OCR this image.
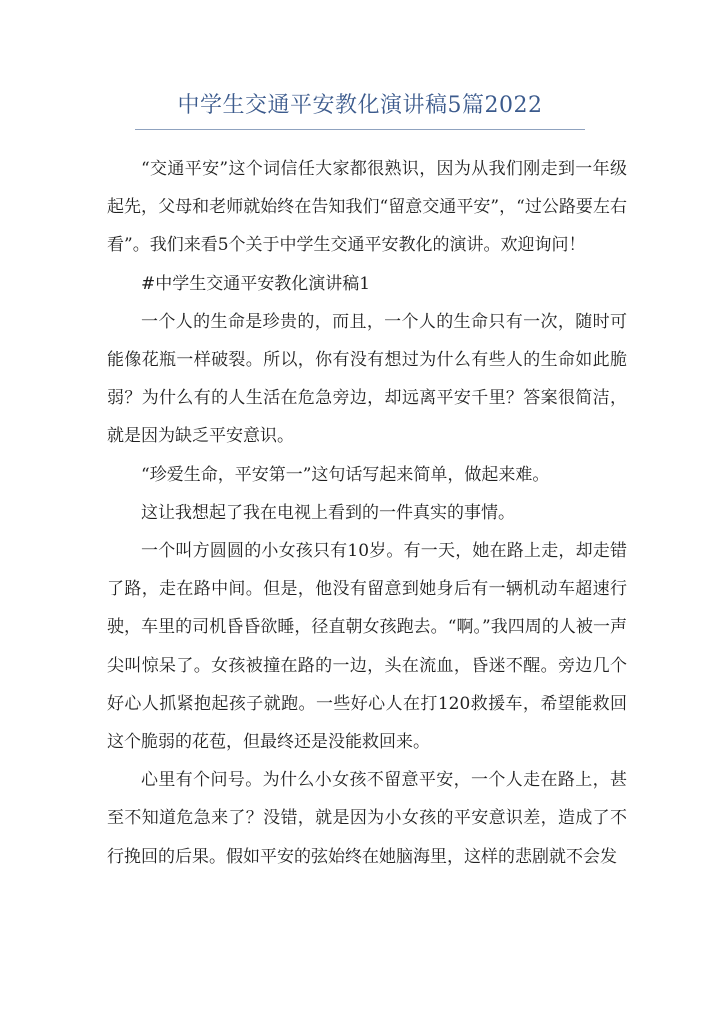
中学生交通平安教化演讲稿5篇2022

“交通平安”这个词信任大家都很熟识，因为从我们刚走到一年级起先，父母和老师就始终在告知我们“留意交通平安”，“过公路要左右看”。我们来看5个关于中学生交通平安教化的演讲。欢迎询问！

#中学生交通平安教化演讲稿1

一个人的生命是珍贵的，而且，一个人的生命只有一次，随时可能像花瓶一样破裂。所以，你有没有想过为什么有些人的生命如此脆弱？为什么有的人生活在危急旁边，却远离平安千里？答案很简洁，就是因为缺乏平安意识。

“珍爱生命，平安第一”这句话写起来简单，做起来难。

这让我想起了我在电视上看到的一件真实的事情。

一个叫方圆圆的小女孩只有10岁。有一天，她在路上走，却走错了路，走在路中间。但是，他没有留意到她身后有一辆机动车超速行驶，车里的司机昏昏欲睡，径直朝女孩跑去。“啊。”我四周的人被一声尖叫惊呆了。女孩被撞在路的一边，头在流血，昏迷不醒。旁边几个好心人抓紧抱起孩子就跑。一些好心人在打120救援车，希望能救回这个脆弱的花苞，但最终还是没能救回来。

心里有个问号。为什么小女孩不留意平安，一个人走在路上，甚至不知道危急来了？没错，就是因为小女孩的平安意识差，造成了不行挽回的后果。假如平安的弦始终在她脑海里，这样的悲剧就不会发
